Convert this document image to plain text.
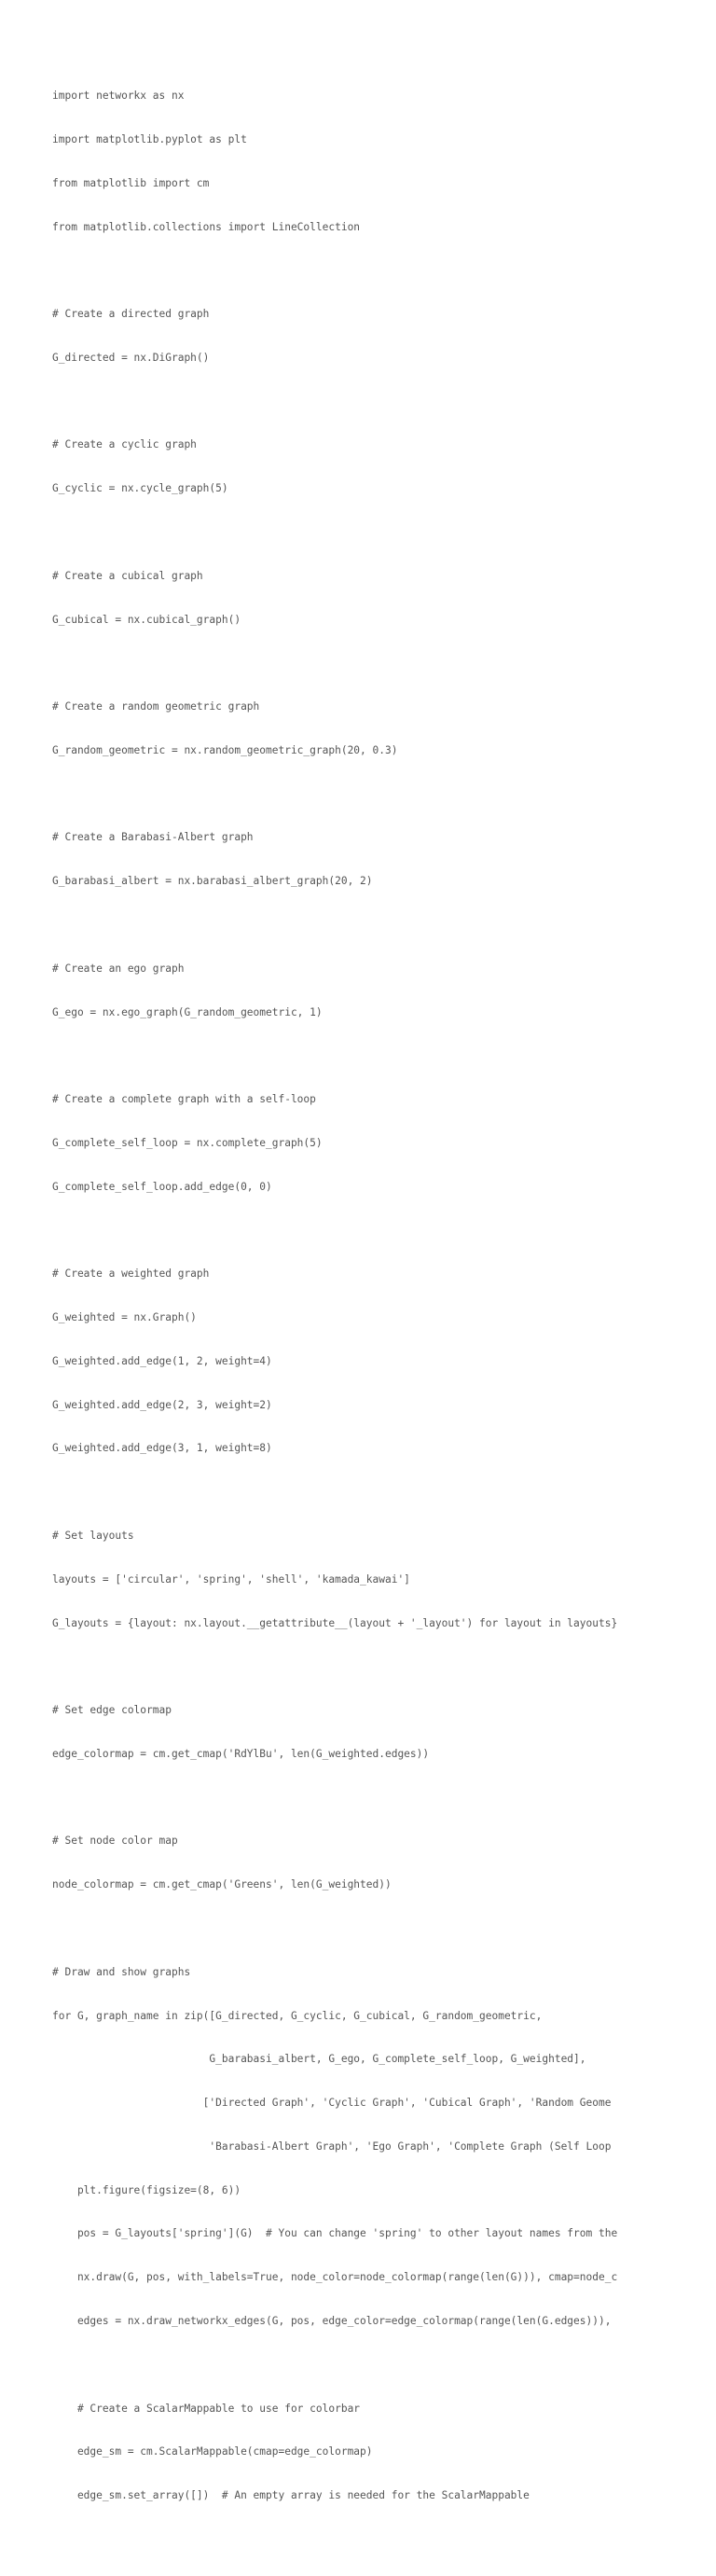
import networkx as nx

import matplotlib.pyplot as plt

from matplotlib import cm

from matplotlib.collections import LineCollection

# Create a directed graph

G_directed = nx.DiGraph()

# Create a cyclic graph

G_cyclic = nx.cycle_graph(5)

# Create a cubical graph

G_cubical = nx.cubical_graph()

# Create a random geometric graph

G_random_geometric = nx.random_geometric_graph(20, 0.3)

# Create a Barabasi-Albert graph

G_barabasi_albert = nx.barabasi_albert_graph(20, 2)

# Create an ego graph

G_ego = nx.ego_graph(G_random_geometric, 1)

# Create a complete graph with a self-loop

G_complete_self_loop = nx.complete_graph(5)

G_complete_self_loop.add_edge(0, 0)

# Create a weighted graph

G_weighted = nx.Graph()

G_weighted.add_edge(1, 2, weight=4)

G_weighted.add_edge(2, 3, weight=2)

G_weighted.add_edge(3, 1, weight=8)

# Set layouts

layouts = ['circular', 'spring', 'shell', 'kamada_kawai']

G_layouts = {layout: nx.layout.__getattribute__(layout + '_layout') for layout in layouts}

# Set edge colormap

edge_colormap = cm.get_cmap('RdYlBu', len(G_weighted.edges))

# Set node color map

node_colormap = cm.get_cmap('Greens', len(G_weighted))

# Draw and show graphs

for G, graph_name in zip([G_directed, G_cyclic, G_cubical, G_random_geometric,

G_barabasi_albert, G_ego, G_complete_self_loop, G_weighted],

['Directed Graph', 'Cyclic Graph', 'Cubical Graph', 'Random Geome

'Barabasi-Albert Graph', 'Ego Graph', 'Complete Graph (Self Loop

plt.figure(figsize=(8, 6))

pos = G_layouts['spring'](G)  # You can change 'spring' to other layout names from the

nx.draw(G, pos, with_labels=True, node_color=node_colormap(range(len(G))), cmap=node_c

edges = nx.draw_networkx_edges(G, pos, edge_color=edge_colormap(range(len(G.edges))),

# Create a ScalarMappable to use for colorbar

edge_sm = cm.ScalarMappable(cmap=edge_colormap)

edge_sm.set_array([])  # An empty array is needed for the ScalarMappable
